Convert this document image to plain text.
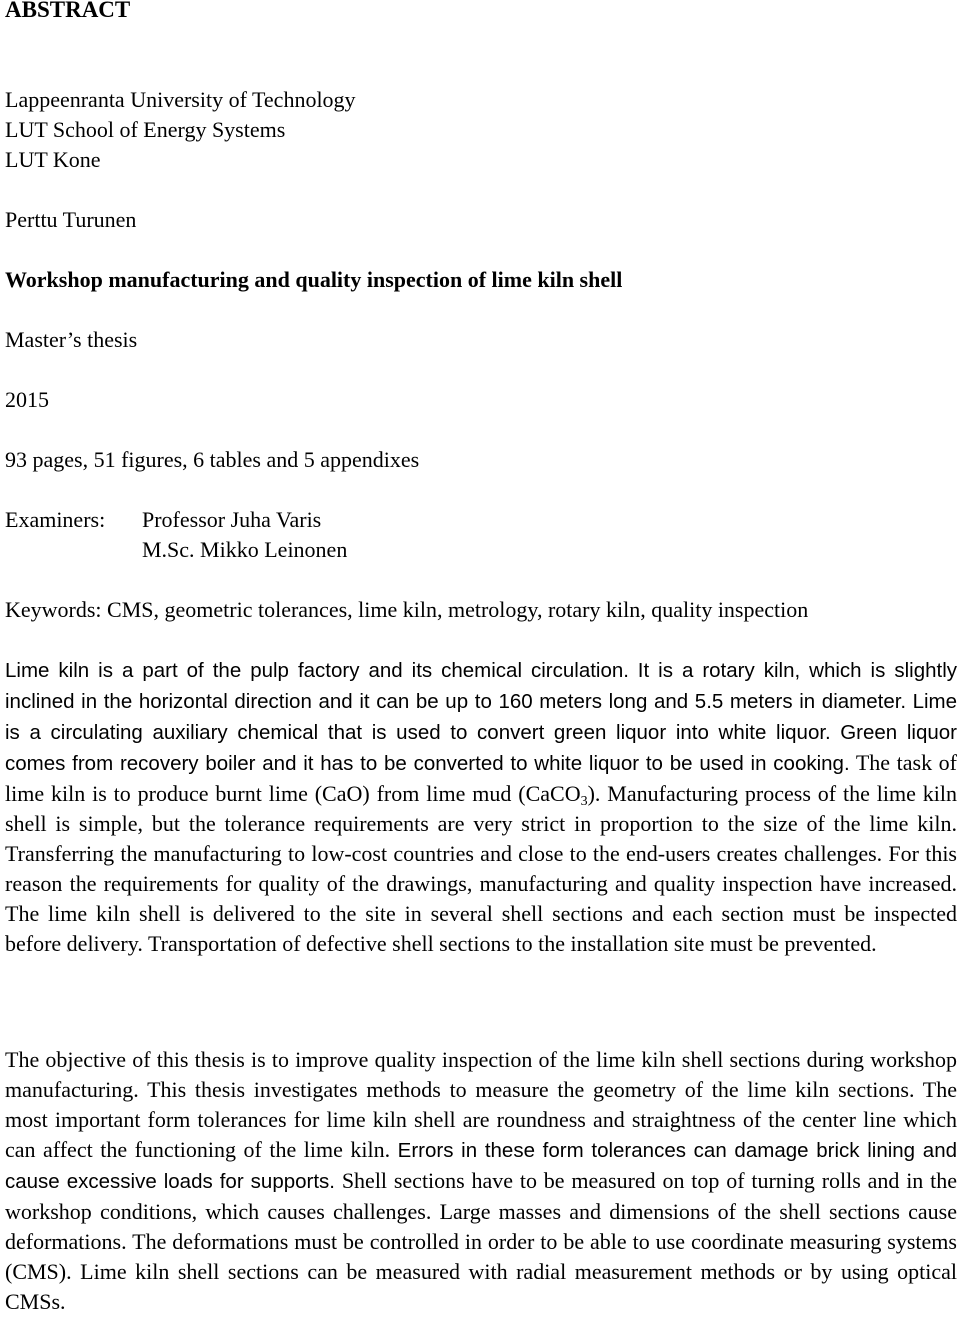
ABSTRACT

Lappeenranta University of Technology

LUT School of Energy Systems

LUT Kone

Perttu Turunen

Workshop manufacturing and quality inspection of lime kiln shell

Master’s thesis

2015

93 pages, 51 figures, 6 tables and 5 appendixes

Examiners: Professor Juha Varis

M.Sc. Mikko Leinonen

Keywords: CMS, geometric tolerances, lime kiln, metrology, rotary kiln, quality inspection

Lime kiln is a part of the pulp factory and its chemical circulation. It is a rotary kiln, which is slightly inclined in the horizontal direction and it can be up to 160 meters long and 5.5 meters in diameter. Lime is a circulating auxiliary chemical that is used to convert green liquor into white liquor. Green liquor comes from recovery boiler and it has to be converted to white liquor to be used in cooking. The task of lime kiln is to produce burnt lime (CaO) from lime mud (CaCO$_3$). Manufacturing process of the lime kiln shell is simple, but the tolerance requirements are very strict in proportion to the size of the lime kiln. Transferring the manufacturing to low-cost countries and close to the end-users creates challenges. For this reason the requirements for quality of the drawings, manufacturing and quality inspection have increased. The lime kiln shell is delivered to the site in several shell sections and each section must be inspected before delivery. Transportation of defective shell sections to the installation site must be prevented.

The objective of this thesis is to improve quality inspection of the lime kiln shell sections during workshop manufacturing. This thesis investigates methods to measure the geometry of the lime kiln sections. The most important form tolerances for lime kiln shell are roundness and straightness of the center line which can affect the functioning of the lime kiln. Errors in these form tolerances can damage brick lining and cause excessive loads for supports. Shell sections have to be measured on top of turning rolls and in the workshop conditions, which causes challenges. Large masses and dimensions of the shell sections cause deformations. The deformations must be controlled in order to be able to use coordinate measuring systems (CMS). Lime kiln shell sections can be measured with radial measurement methods or by using optical CMSs.
